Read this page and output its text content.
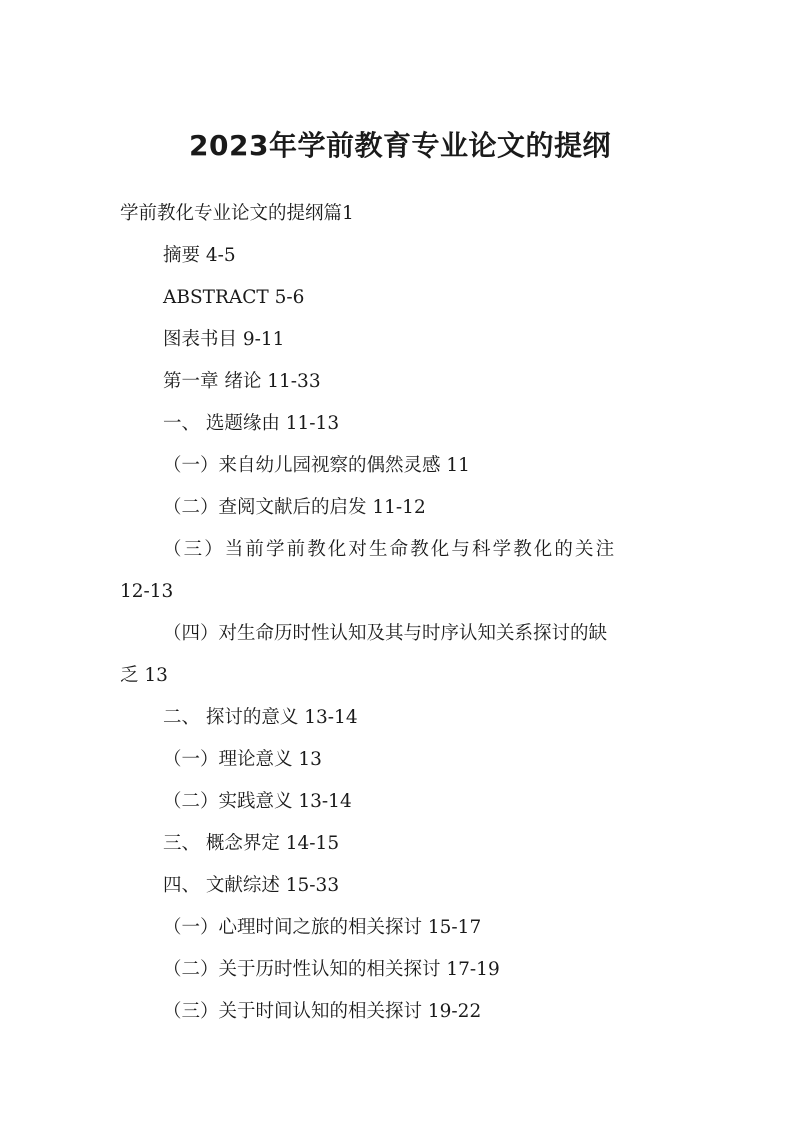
2023年学前教育专业论文的提纲
学前教化专业论文的提纲篇1
摘要 4-5
ABSTRACT 5-6
图表书目 9-11
第一章 绪论 11-33
一、 选题缘由 11-13
（一）来自幼儿园视察的偶然灵感 11
（二）查阅文献后的启发 11-12
（三）当前学前教化对生命教化与科学教化的关注
12-13
（四）对生命历时性认知及其与时序认知关系探讨的缺
乏 13
二、 探讨的意义 13-14
（一）理论意义 13
（二）实践意义 13-14
三、 概念界定 14-15
四、 文献综述 15-33
（一）心理时间之旅的相关探讨 15-17
（二）关于历时性认知的相关探讨 17-19
（三）关于时间认知的相关探讨 19-22
